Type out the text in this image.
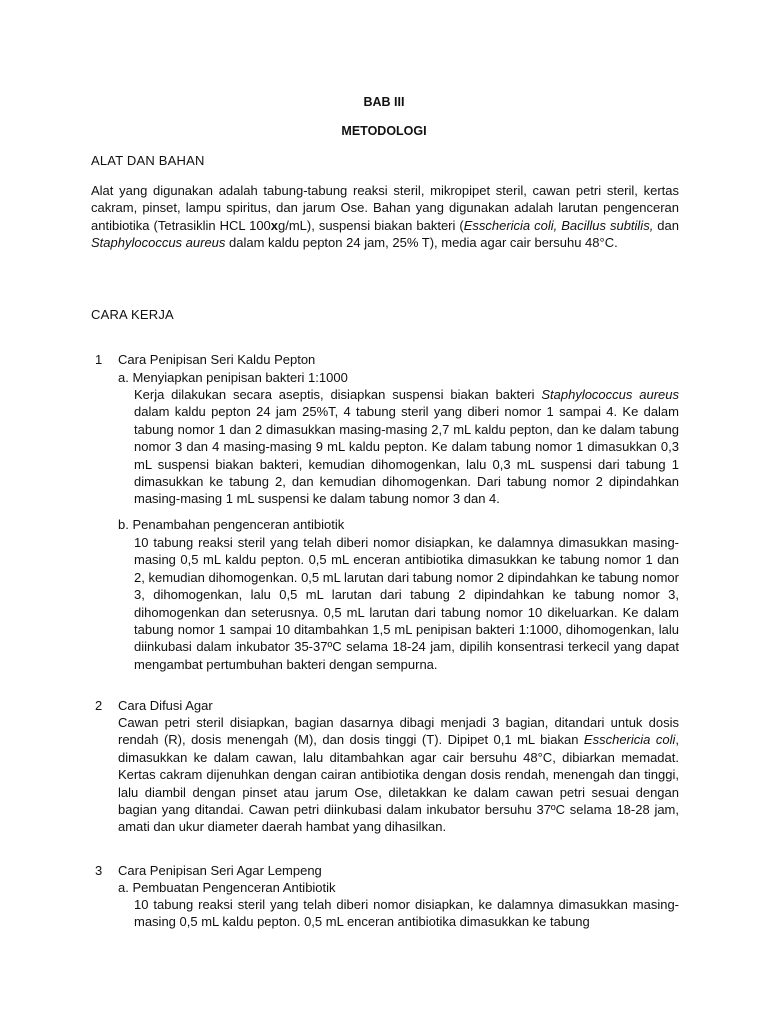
BAB III
METODOLOGI
ALAT DAN BAHAN

Alat yang digunakan adalah tabung-tabung reaksi steril, mikropipet steril, cawan petri steril, kertas cakram, pinset, lampu spiritus, dan jarum Ose. Bahan yang digunakan adalah larutan pengenceran antibiotika (Tetrasiklin HCL 100xg/mL), suspensi biakan bakteri (Esschericia coli, Bacillus subtilis, dan Staphylococcus aureus dalam kaldu pepton 24 jam, 25% T), media agar cair bersuhu 48°C.

CARA KERJA
1 Cara Penipisan Seri Kaldu Pepton
a. Menyiapkan penipisan bakteri 1:1000

Kerja dilakukan secara aseptis, disiapkan suspensi biakan bakteri Staphylococcus aureus dalam kaldu pepton 24 jam 25%T, 4 tabung steril yang diberi nomor 1 sampai 4. Ke dalam tabung nomor 1 dan 2 dimasukkan masing-masing 2,7 mL kaldu pepton, dan ke dalam tabung nomor 3 dan 4 masing-masing 9 mL kaldu pepton. Ke dalam tabung nomor 1 dimasukkan 0,3 mL suspensi biakan bakteri, kemudian dihomogenkan, lalu 0,3 mL suspensi dari tabung 1 dimasukkan ke tabung 2, dan kemudian dihomogenkan. Dari tabung nomor 2 dipindahkan masing-masing 1 mL suspensi ke dalam tabung nomor 3 dan 4.

b. Penambahan pengenceran antibiotik

10 tabung reaksi steril yang telah diberi nomor disiapkan, ke dalamnya dimasukkan masing-masing 0,5 mL kaldu pepton. 0,5 mL enceran antibiotika dimasukkan ke tabung nomor 1 dan 2, kemudian dihomogenkan. 0,5 mL larutan dari tabung nomor 2 dipindahkan ke tabung nomor 3, dihomogenkan, lalu 0,5 mL larutan dari tabung 2 dipindahkan ke tabung nomor 3, dihomogenkan dan seterusnya. 0,5 mL larutan dari tabung nomor 10 dikeluarkan. Ke dalam tabung nomor 1 sampai 10 ditambahkan 1,5 mL penipisan bakteri 1:1000, dihomogenkan, lalu diinkubasi dalam inkubator 35-37ºC selama 18-24 jam, dipilih konsentrasi terkecil yang dapat mengambat pertumbuhan bakteri dengan sempurna.

2 Cara Difusi Agar

Cawan petri steril disiapkan, bagian dasarnya dibagi menjadi 3 bagian, ditandari untuk dosis rendah (R), dosis menengah (M), dan dosis tinggi (T). Dipipet 0,1 mL biakan Esschericia coli, dimasukkan ke dalam cawan, lalu ditambahkan agar cair bersuhu 48°C, dibiarkan memadat. Kertas cakram dijenuhkan dengan cairan antibiotika dengan dosis rendah, menengah dan tinggi, lalu diambil dengan pinset atau jarum Ose, diletakkan ke dalam cawan petri sesuai dengan bagian yang ditandai. Cawan petri diinkubasi dalam inkubator bersuhu 37ºC selama 18-28 jam, amati dan ukur diameter daerah hambat yang dihasilkan.

3 Cara Penipisan Seri Agar Lempeng
a. Pembuatan Pengenceran Antibiotik

10 tabung reaksi steril yang telah diberi nomor disiapkan, ke dalamnya dimasukkan masing-masing 0,5 mL kaldu pepton. 0,5 mL enceran antibiotika dimasukkan ke tabung
